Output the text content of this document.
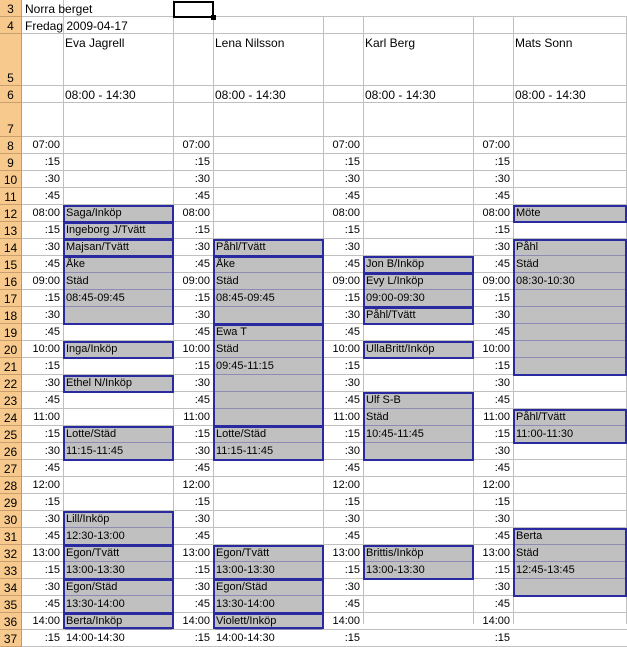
3
4
5
6
7
8
9
10
11
12
13
14
15
16
17
18
19
20
21
22
23
24
25
26
27
28
29
30
31
32
33
34
35
36
37
Norra berget
Fredag 2009-04-17
Eva Jagrell
08:00 - 14:30
Lena Nilsson
08:00 - 14:30
Karl Berg
08:00 - 14:30
Mats Sonn
08:00 - 14:30
07:00
:15
:30
:45
08:00
:15
:30
:45
09:00
:15
:30
:45
10:00
:15
:30
:45
11:00
:15
:30
:45
12:00
:15
:30
:45
13:00
:15
:30
:45
14:00
:15
07:00
:15
:30
:45
08:00
:15
:30
:45
09:00
:15
:30
:45
10:00
:15
:30
:45
11:00
:15
:30
:45
12:00
:15
:30
:45
13:00
:15
:30
:45
14:00
:15
07:00
:15
:30
:45
08:00
:15
:30
:45
09:00
:15
:30
:45
10:00
:15
:30
:45
11:00
:15
:30
:45
12:00
:15
:30
:45
13:00
:15
:30
:45
14:00
:15
07:00
:15
:30
:45
08:00
:15
:30
:45
09:00
:15
:30
:45
10:00
:15
:30
:45
11:00
:15
:30
:45
12:00
:15
:30
:45
13:00
:15
:30
:45
14:00
:15
Saga/Inköp
Ingeborg J/Tvätt
Majsan/Tvätt
Åke
Städ
08:45-09:45
Inga/Inköp
Ethel N/Inköp
Lotte/Städ
11:15-11:45
Lill/Inköp
12:30-13:00
Egon/Tvätt
13:00-13:30
Egon/Städ
13:30-14:00
Berta/Inköp
14:00-14:30
Påhl/Tvätt
Åke
Städ
08:45-09:45
Ewa T
Städ
09:45-11:15
Lotte/Städ
11:15-11:45
Egon/Tvätt
13:00-13:30
Egon/Städ
13:30-14:00
Violett/Inköp
14:00-14:30
Jon B/Inköp
Evy L/Inköp
09:00-09:30
Påhl/Tvätt
UllaBritt/Inköp
Ulf S-B
Städ
10:45-11:45
Brittis/Inköp
13:00-13:30
Möte
Påhl
Städ
08:30-10:30
Påhl/Tvätt
11:00-11:30
Berta
Städ
12:45-13:45
